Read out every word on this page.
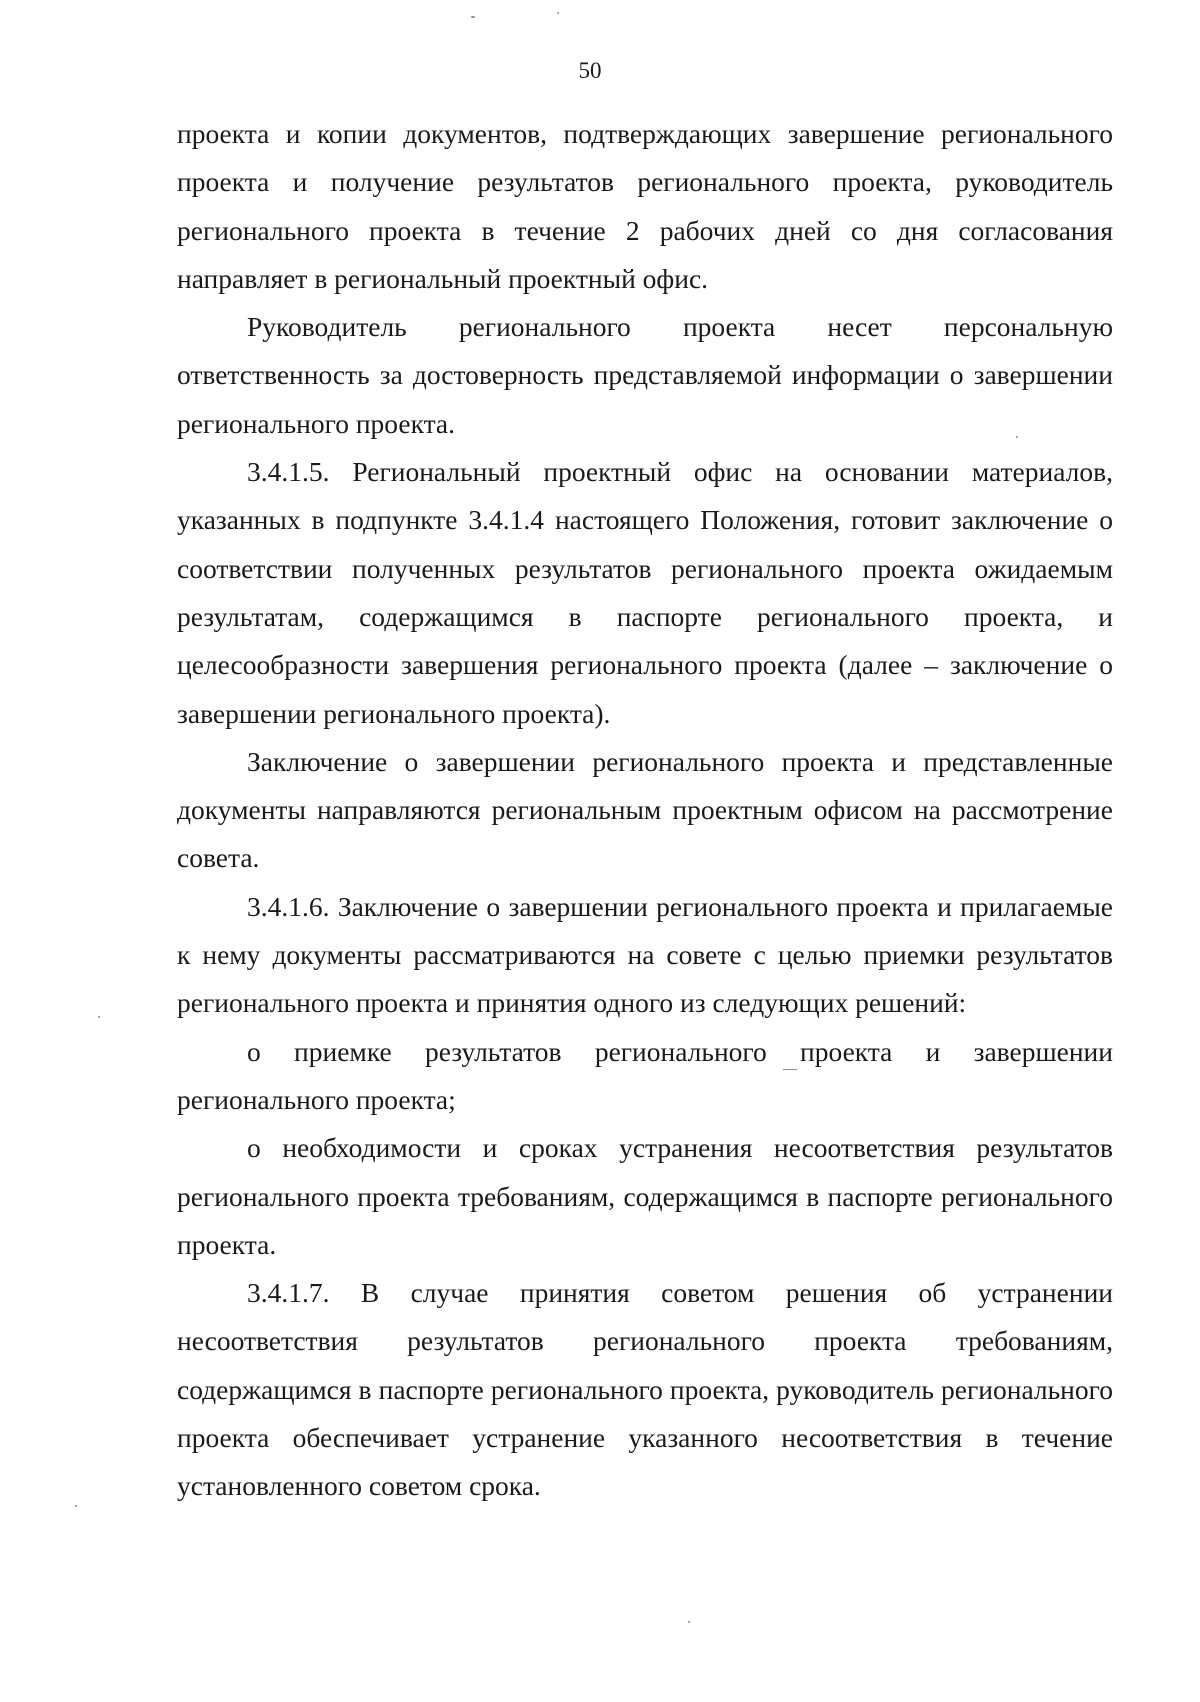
50

проекта и копии документов, подтверждающих завершение регионального проекта и получение результатов регионального проекта, руководитель регионального проекта в течение 2 рабочих дней со дня согласования направляет в региональный проектный офис.

Руководитель регионального проекта несет персональную ответственность за достоверность представляемой информации о завершении регионального проекта.

3.4.1.5. Региональный проектный офис на основании материалов, указанных в подпункте 3.4.1.4 настоящего Положения, готовит заключение о соответствии полученных результатов регионального проекта ожидаемым результатам, содержащимся в паспорте регионального проекта, и целесообразности завершения регионального проекта (далее – заключение о завершении регионального проекта).

Заключение о завершении регионального проекта и представленные документы направляются региональным проектным офисом на рассмотрение совета.

3.4.1.6. Заключение о завершении регионального проекта и прилагаемые к нему документы рассматриваются на совете с целью приемки результатов регионального проекта и принятия одного из следующих решений:

о приемке результатов регионального проекта и завершении регионального проекта;

о необходимости и сроках устранения несоответствия результатов регионального проекта требованиям, содержащимся в паспорте регионального проекта.

3.4.1.7. В случае принятия советом решения об устранении несоответствия результатов регионального проекта требованиям, содержащимся в паспорте регионального проекта, руководитель регионального проекта обеспечивает устранение указанного несоответствия в течение установленного советом срока.
